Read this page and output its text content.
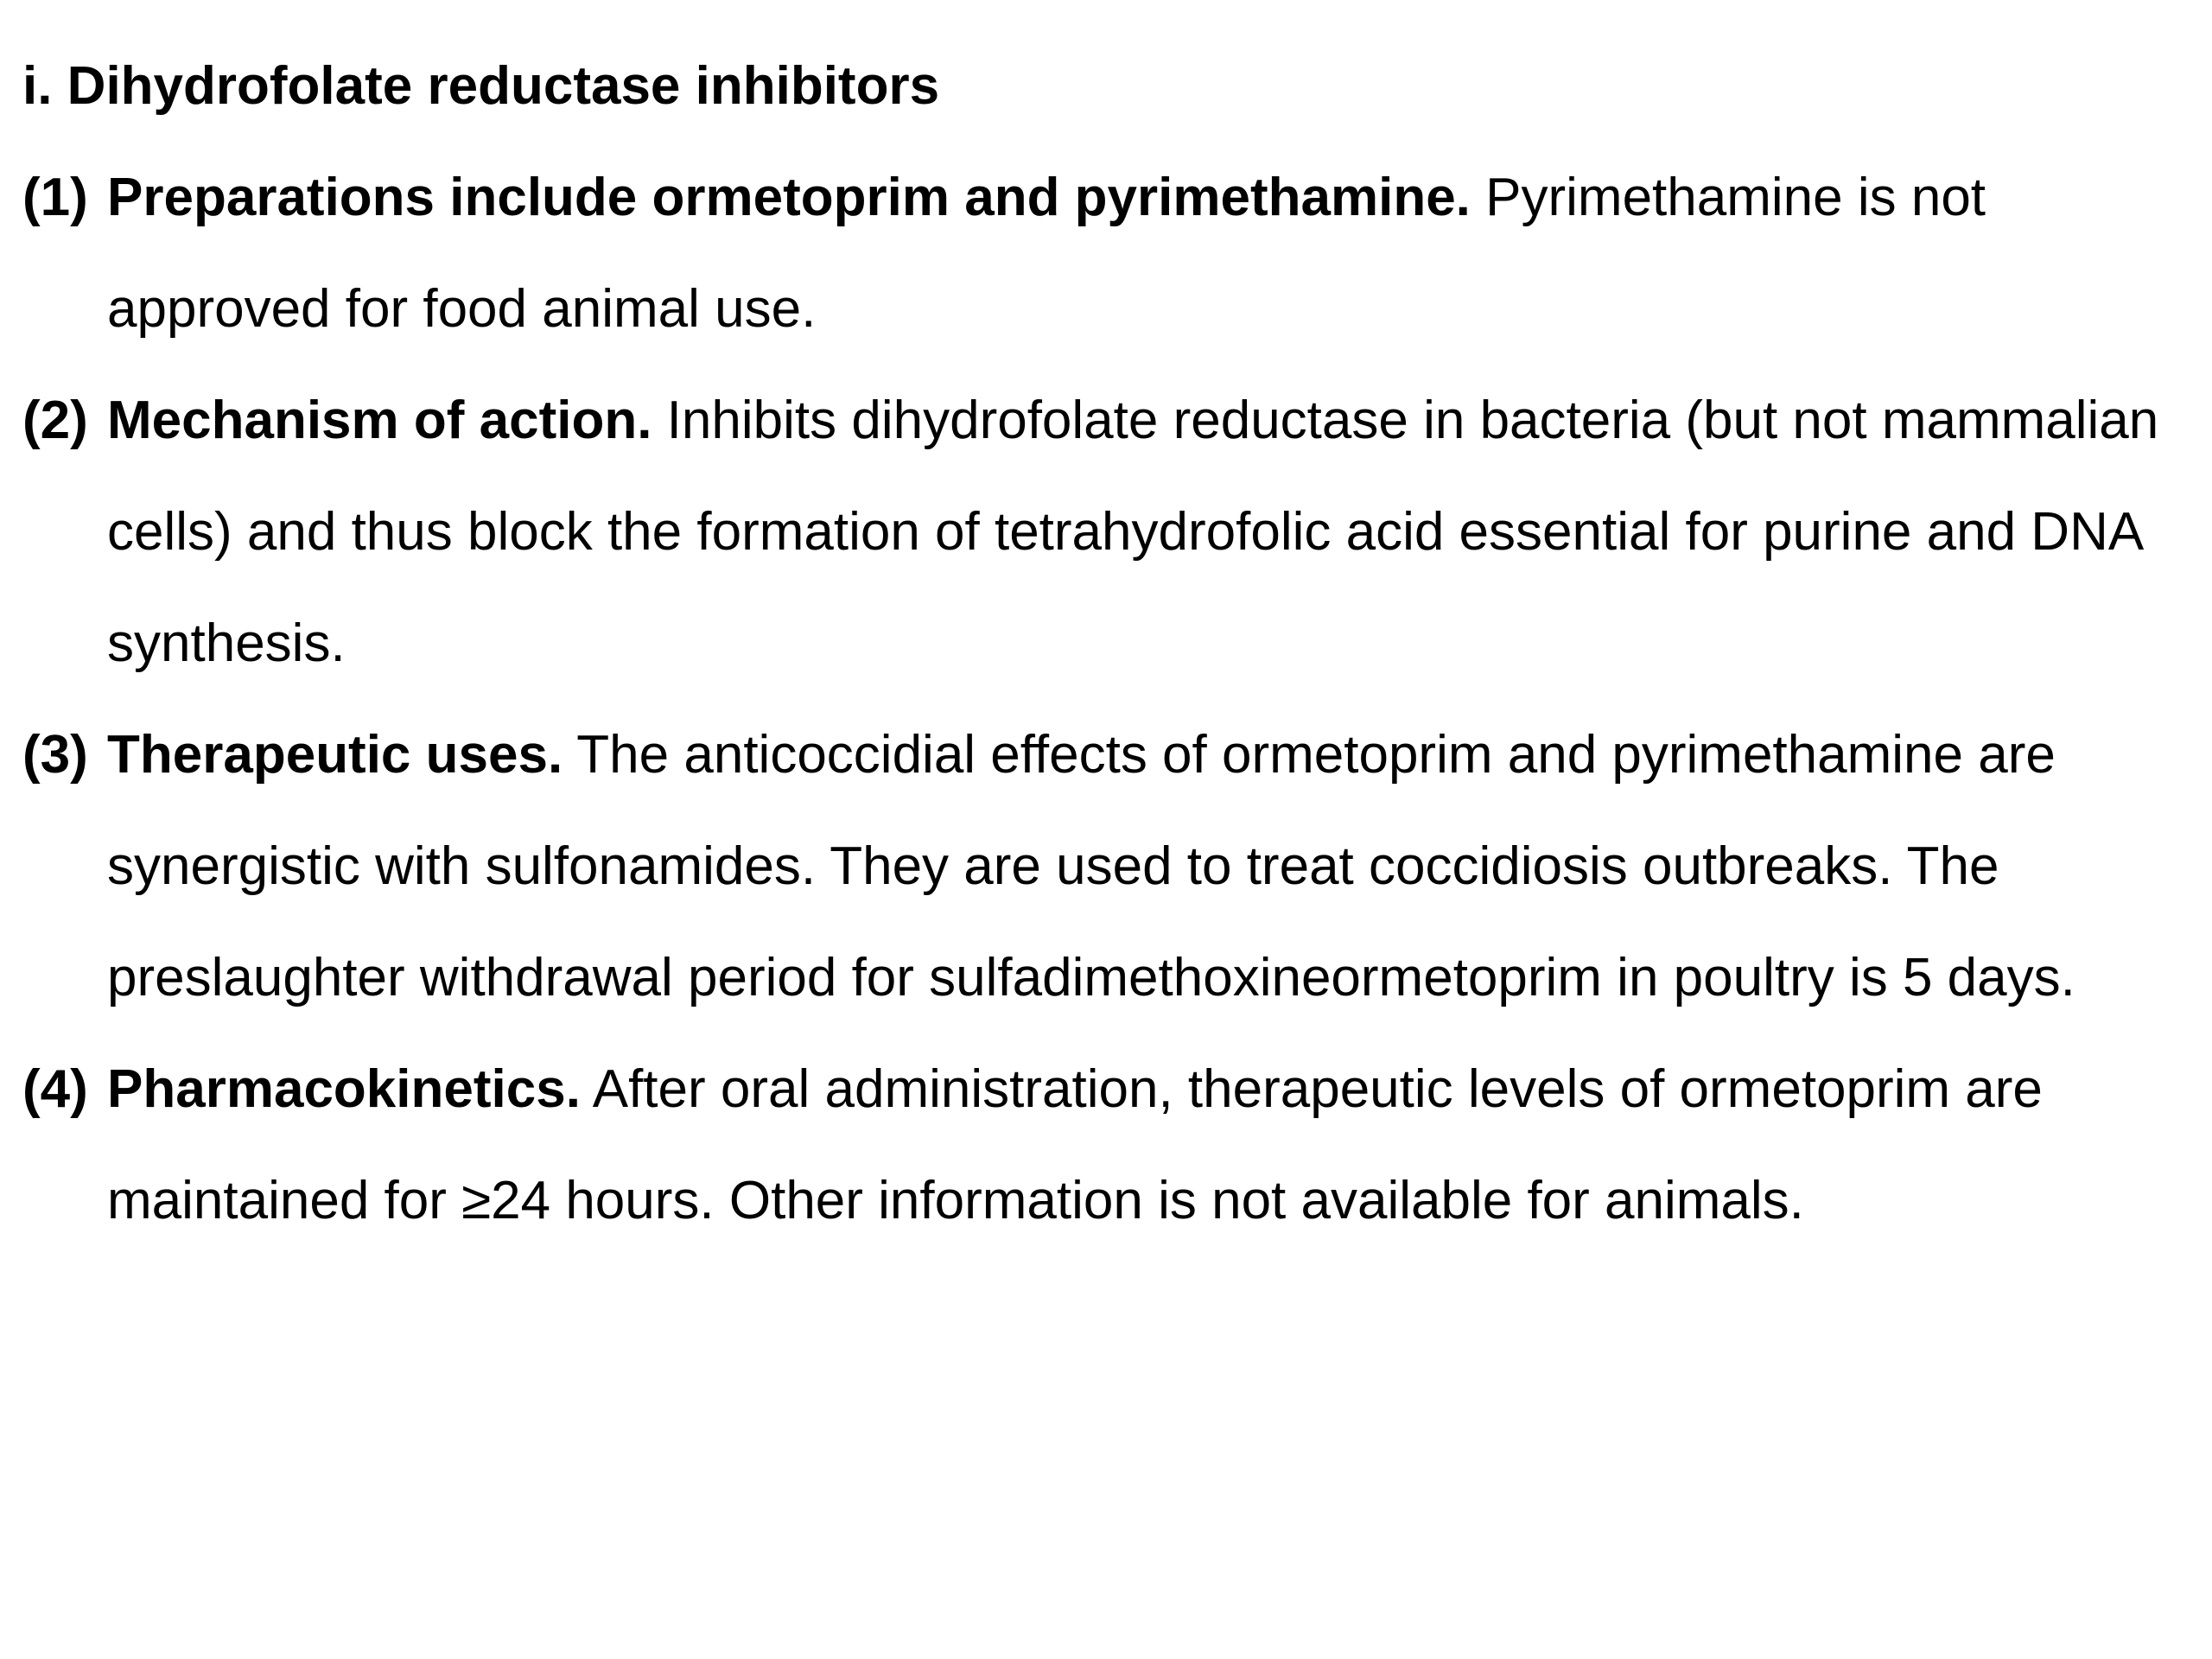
i. Dihydrofolate reductase inhibitors

(1) Preparations include ormetoprim and pyrimethamine. Pyrimethamine is not approved for food animal use.

(2) Mechanism of action. Inhibits dihydrofolate reductase in bacteria (but not mammalian cells) and thus block the formation of tetrahydrofolic acid essential for purine and DNA synthesis.

(3) Therapeutic uses. The anticoccidial effects of ormetoprim and pyrimethamine are synergistic with sulfonamides. They are used to treat coccidiosis outbreaks. The preslaughter withdrawal period for sulfadimethoxineormetoprim in poultry is 5 days.

(4) Pharmacokinetics. After oral administration, therapeutic levels of ormetoprim are maintained for ≥24 hours. Other information is not available for animals.
